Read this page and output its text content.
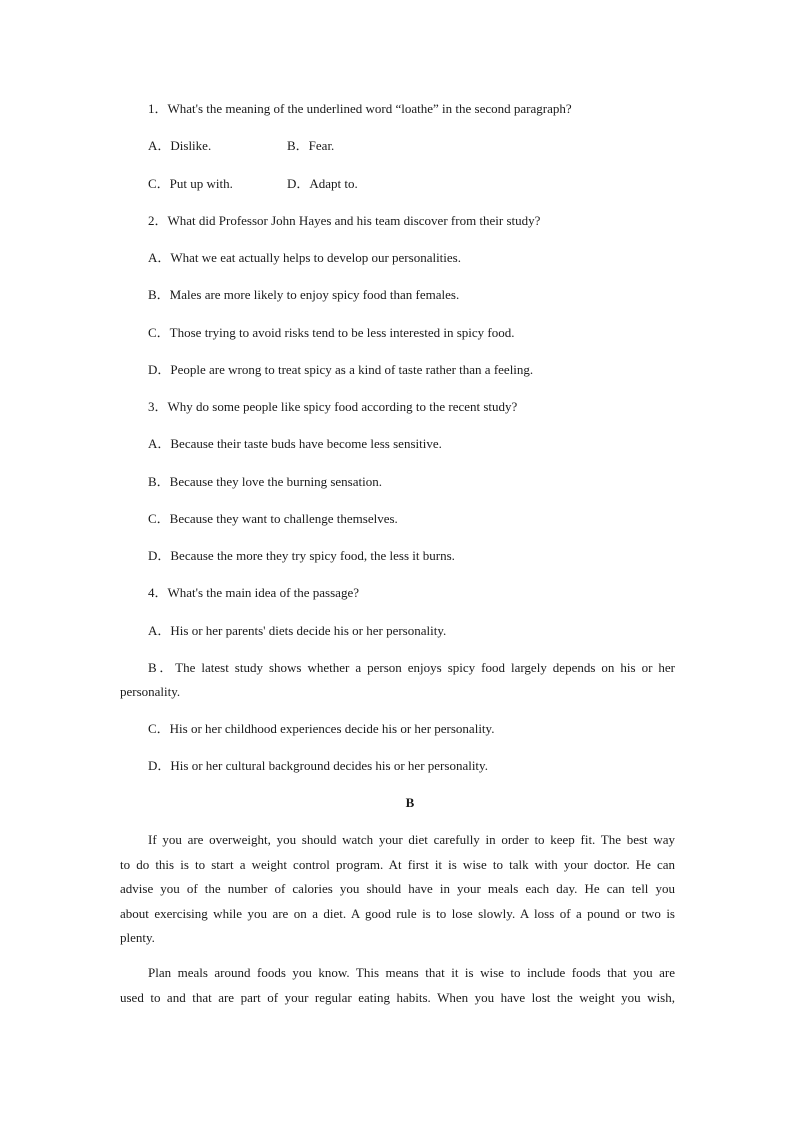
1．What's the meaning of the underlined word “loathe” in the second paragraph?
A．Dislike.	B．Fear.
C．Put up with.	D．Adapt to.
2．What did Professor John Hayes and his team discover from their study?
A．What we eat actually helps to develop our personalities.
B．Males are more likely to enjoy spicy food than females.
C．Those trying to avoid risks tend to be less interested in spicy food.
D．People are wrong to treat spicy as a kind of taste rather than a feeling.
3．Why do some people like spicy food according to the recent study?
A．Because their taste buds have become less sensitive.
B．Because they love the burning sensation.
C．Because they want to challenge themselves.
D．Because the more they try spicy food, the less it burns.
4．What's the main idea of the passage?
A．His or her parents' diets decide his or her personality.
B．The latest study shows whether a person enjoys spicy food largely depends on his or her
personality.
C．His or her childhood experiences decide his or her personality.
D．His or her cultural background decides his or her personality.
B
If you are overweight, you should watch your diet carefully in order to keep fit. The best way
to do this is to start a weight control program. At first it is wise to talk with your doctor. He can
advise you of the number of calories you should have in your meals each day. He can tell you
about exercising while you are on a diet. A good rule is to lose slowly. A loss of a pound or two is
plenty.
Plan meals around foods you know. This means that it is wise to include foods that you are
used to and that are part of your regular eating habits. When you have lost the weight you wish,
